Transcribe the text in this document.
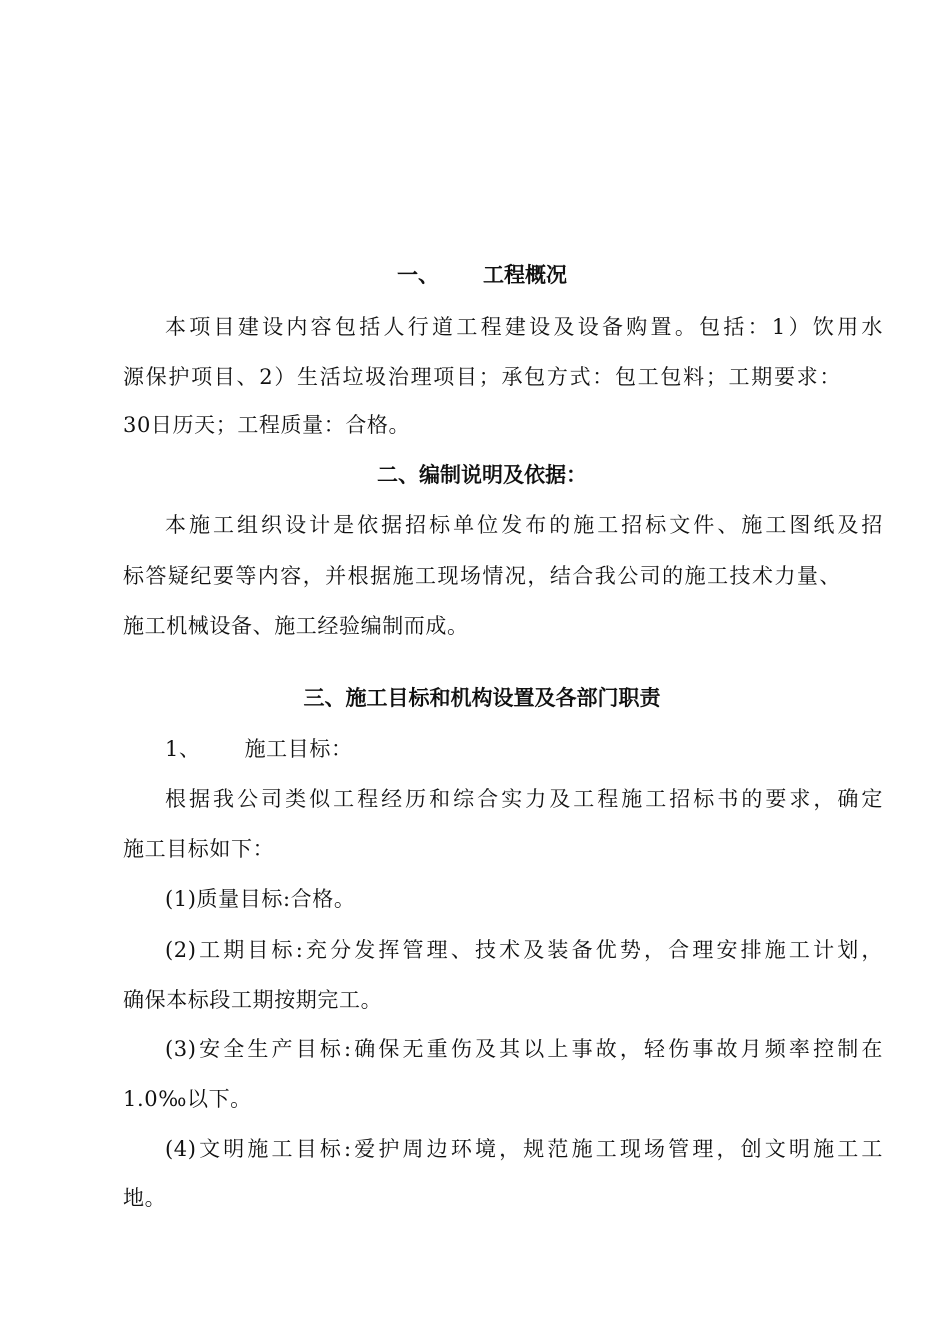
一、 工程概况
本项目建设内容包括人行道工程建设及设备购置。包括：1）饮用水
源保护项目、2）生活垃圾治理项目；承包方式：包工包料；工期要求：
30日历天；工程质量：合格。
二、编制说明及依据：
本施工组织设计是依据招标单位发布的施工招标文件、施工图纸及招
标答疑纪要等内容，并根据施工现场情况，结合我公司的施工技术力量、
施工机械设备、施工经验编制而成。
三、施工目标和机构设置及各部门职责
1、 施工目标：
根据我公司类似工程经历和综合实力及工程施工招标书的要求，确定
施工目标如下：
(1)质量目标:合格。
(2)工期目标:充分发挥管理、技术及装备优势，合理安排施工计划，
确保本标段工期按期完工。
(3)安全生产目标:确保无重伤及其以上事故，轻伤事故月频率控制在
1.0‰以下。
(4)文明施工目标:爱护周边环境，规范施工现场管理，创文明施工工
地。
